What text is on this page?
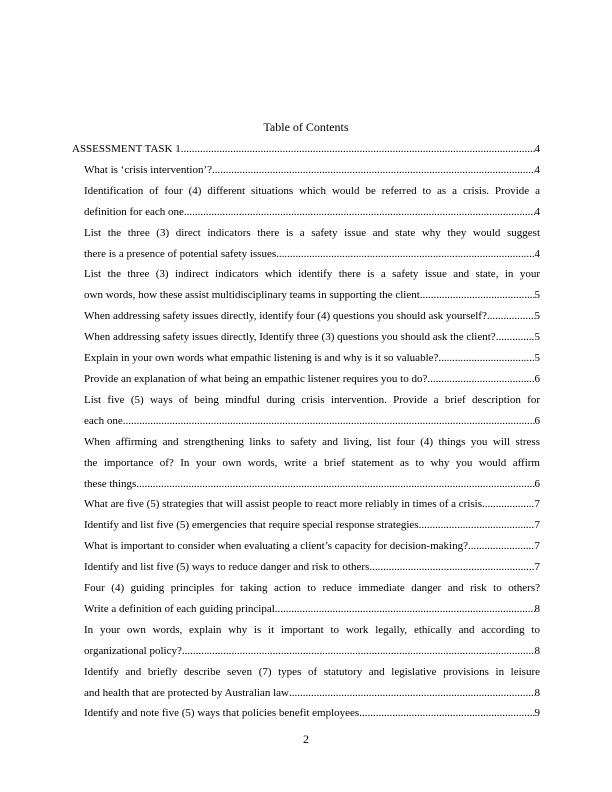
Table of Contents
ASSESSMENT TASK 1 .....	4
What is ‘crisis intervention’? .....	4
Identification of four (4) different situations which would be referred to as a crisis. Provide a
definition for each one .....	4
List the three (3) direct indicators there is a safety issue and state why they would suggest
there is a presence of potential safety issues .....	4
List the three (3) indirect indicators which identify there is a safety issue and state, in your
own words, how these assist multidisciplinary teams in supporting the client .....	5
When addressing safety issues directly, identify four (4) questions you should ask yourself? .....	5
When addressing safety issues directly, Identify three (3) questions you should ask the client? .....	5
Explain in your own words what empathic listening is and why is it so valuable? .....	5
Provide an explanation of what being an empathic listener requires you to do? .....	6
List five (5) ways of being mindful during crisis intervention. Provide a brief description for
each one .....	6
When affirming and strengthening links to safety and living, list four (4) things you will stress
the importance of? In your own words, write a brief statement as to why you would affirm
these things .....	6
What are five (5) strategies that will assist people to react more reliably in times of a crisis .....	7
Identify and list five (5) emergencies that require special response strategies .....	7
What is important to consider when evaluating a client’s capacity for decision-making? .....	7
Identify and list five (5) ways to reduce danger and risk to others .....	7
Four (4) guiding principles for taking action to reduce immediate danger and risk to others?
Write a definition of each guiding principal .....	8
In your own words, explain why is it important to work legally, ethically and according to
organizational policy? .....	8
Identify and briefly describe seven (7) types of statutory and legislative provisions in leisure
and health that are protected by Australian law .....	8
Identify and note five (5) ways that policies benefit employees .....	9
2
